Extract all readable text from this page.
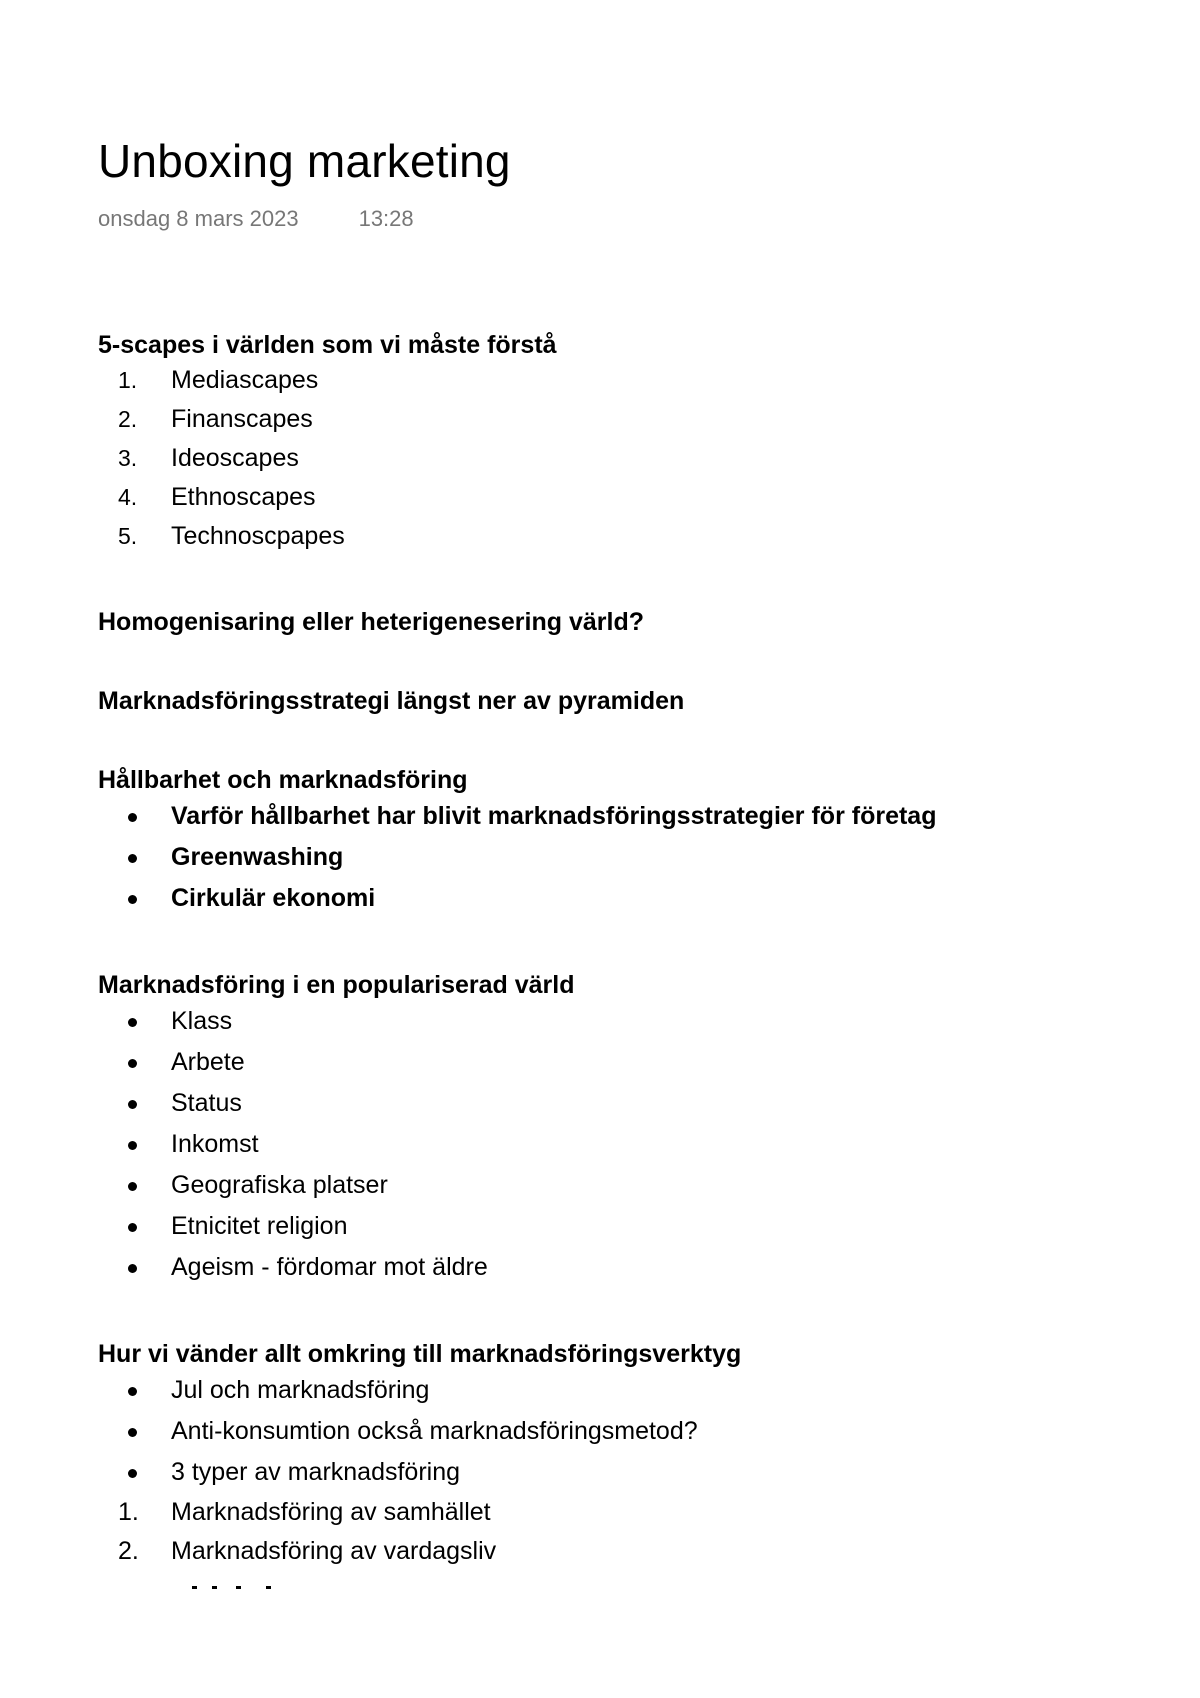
Unboxing marketing
onsdag 8 mars 2023	13:28

5-scapes i världen som vi måste förstå

1.	Mediascapes
2.	Finanscapes
3.	Ideoscapes
4.	Ethnoscapes
5.	Technoscpapes

Homogenisaring eller heterigenesering värld?

Marknadsföringsstrategi längst ner av pyramiden

Hållbarhet och marknadsföring

Varför hållbarhet har blivit marknadsföringsstrategier för företag
Greenwashing
Cirkulär ekonomi

Marknadsföring i en populariserad värld

Klass
Arbete
Status
Inkomst
Geografiska platser
Etnicitet religion
Ageism - fördomar mot äldre

Hur vi vänder allt omkring till marknadsföringsverktyg

Jul och marknadsföring
Anti-konsumtion också marknadsföringsmetod?
3 typer av marknadsföring
1.	Marknadsföring av samhället
2.	Marknadsföring av vardagsliv
